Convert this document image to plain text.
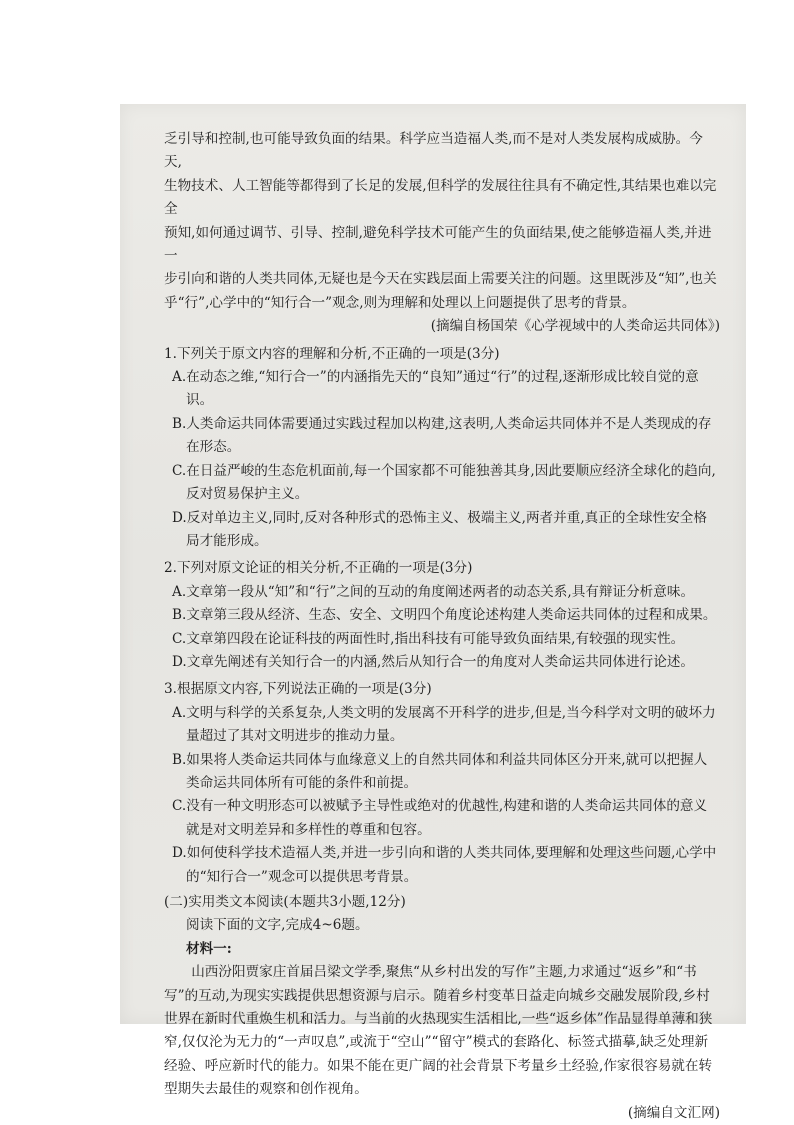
乏引导和控制,也可能导致负面的结果。科学应当造福人类,而不是对人类发展构成威胁。今天,

生物技术、人工智能等都得到了长足的发展,但科学的发展往往具有不确定性,其结果也难以完全

预知,如何通过调节、引导、控制,避免科学技术可能产生的负面结果,使之能够造福人类,并进一

步引向和谐的人类共同体,无疑也是今天在实践层面上需要关注的问题。这里既涉及“知”,也关

乎“行”,心学中的“知行合一”观念,则为理解和处理以上问题提供了思考的背景。

(摘编自杨国荣《心学视域中的人类命运共同体》)

1.下列关于原文内容的理解和分析,不正确的一项是(3分)

A.在动态之维,“知行合一”的内涵指先天的“良知”通过“行”的过程,逐渐形成比较自觉的意识。

B.人类命运共同体需要通过实践过程加以构建,这表明,人类命运共同体并不是人类现成的存在形态。

C.在日益严峻的生态危机面前,每一个国家都不可能独善其身,因此要顺应经济全球化的趋向,反对贸易保护主义。

D.反对单边主义,同时,反对各种形式的恐怖主义、极端主义,两者并重,真正的全球性安全格局才能形成。

2.下列对原文论证的相关分析,不正确的一项是(3分)

A.文章第一段从“知”和“行”之间的互动的角度阐述两者的动态关系,具有辩证分析意味。

B.文章第三段从经济、生态、安全、文明四个角度论述构建人类命运共同体的过程和成果。

C.文章第四段在论证科技的两面性时,指出科技有可能导致负面结果,有较强的现实性。

D.文章先阐述有关知行合一的内涵,然后从知行合一的角度对人类命运共同体进行论述。

3.根据原文内容,下列说法正确的一项是(3分)

A.文明与科学的关系复杂,人类文明的发展离不开科学的进步,但是,当今科学对文明的破坏力量超过了其对文明进步的推动力量。

B.如果将人类命运共同体与血缘意义上的自然共同体和利益共同体区分开来,就可以把握人类命运共同体所有可能的条件和前提。

C.没有一种文明形态可以被赋予主导性或绝对的优越性,构建和谐的人类命运共同体的意义就是对文明差异和多样性的尊重和包容。

D.如何使科学技术造福人类,并进一步引向和谐的人类共同体,要理解和处理这些问题,心学中的“知行合一”观念可以提供思考背景。

(二)实用类文本阅读(本题共3小题,12分)

阅读下面的文字,完成4~6题。

材料一:

山西汾阳贾家庄首届吕梁文学季,聚焦“从乡村出发的写作”主题,力求通过“返乡”和“书写”的互动,为现实实践提供思想资源与启示。随着乡村变革日益走向城乡交融发展阶段,乡村世界在新时代重焕生机和活力。与当前的火热现实生活相比,一些“返乡体”作品显得单薄和狭窄,仅仅沦为无力的“一声叹息”,或流于“空山”“留守”模式的套路化、标签式描摹,缺乏处理新经验、呼应新时代的能力。如果不能在更广阔的社会背景下考量乡土经验,作家很容易就在转型期失去最佳的观察和创作视角。

(摘编自文汇网)
